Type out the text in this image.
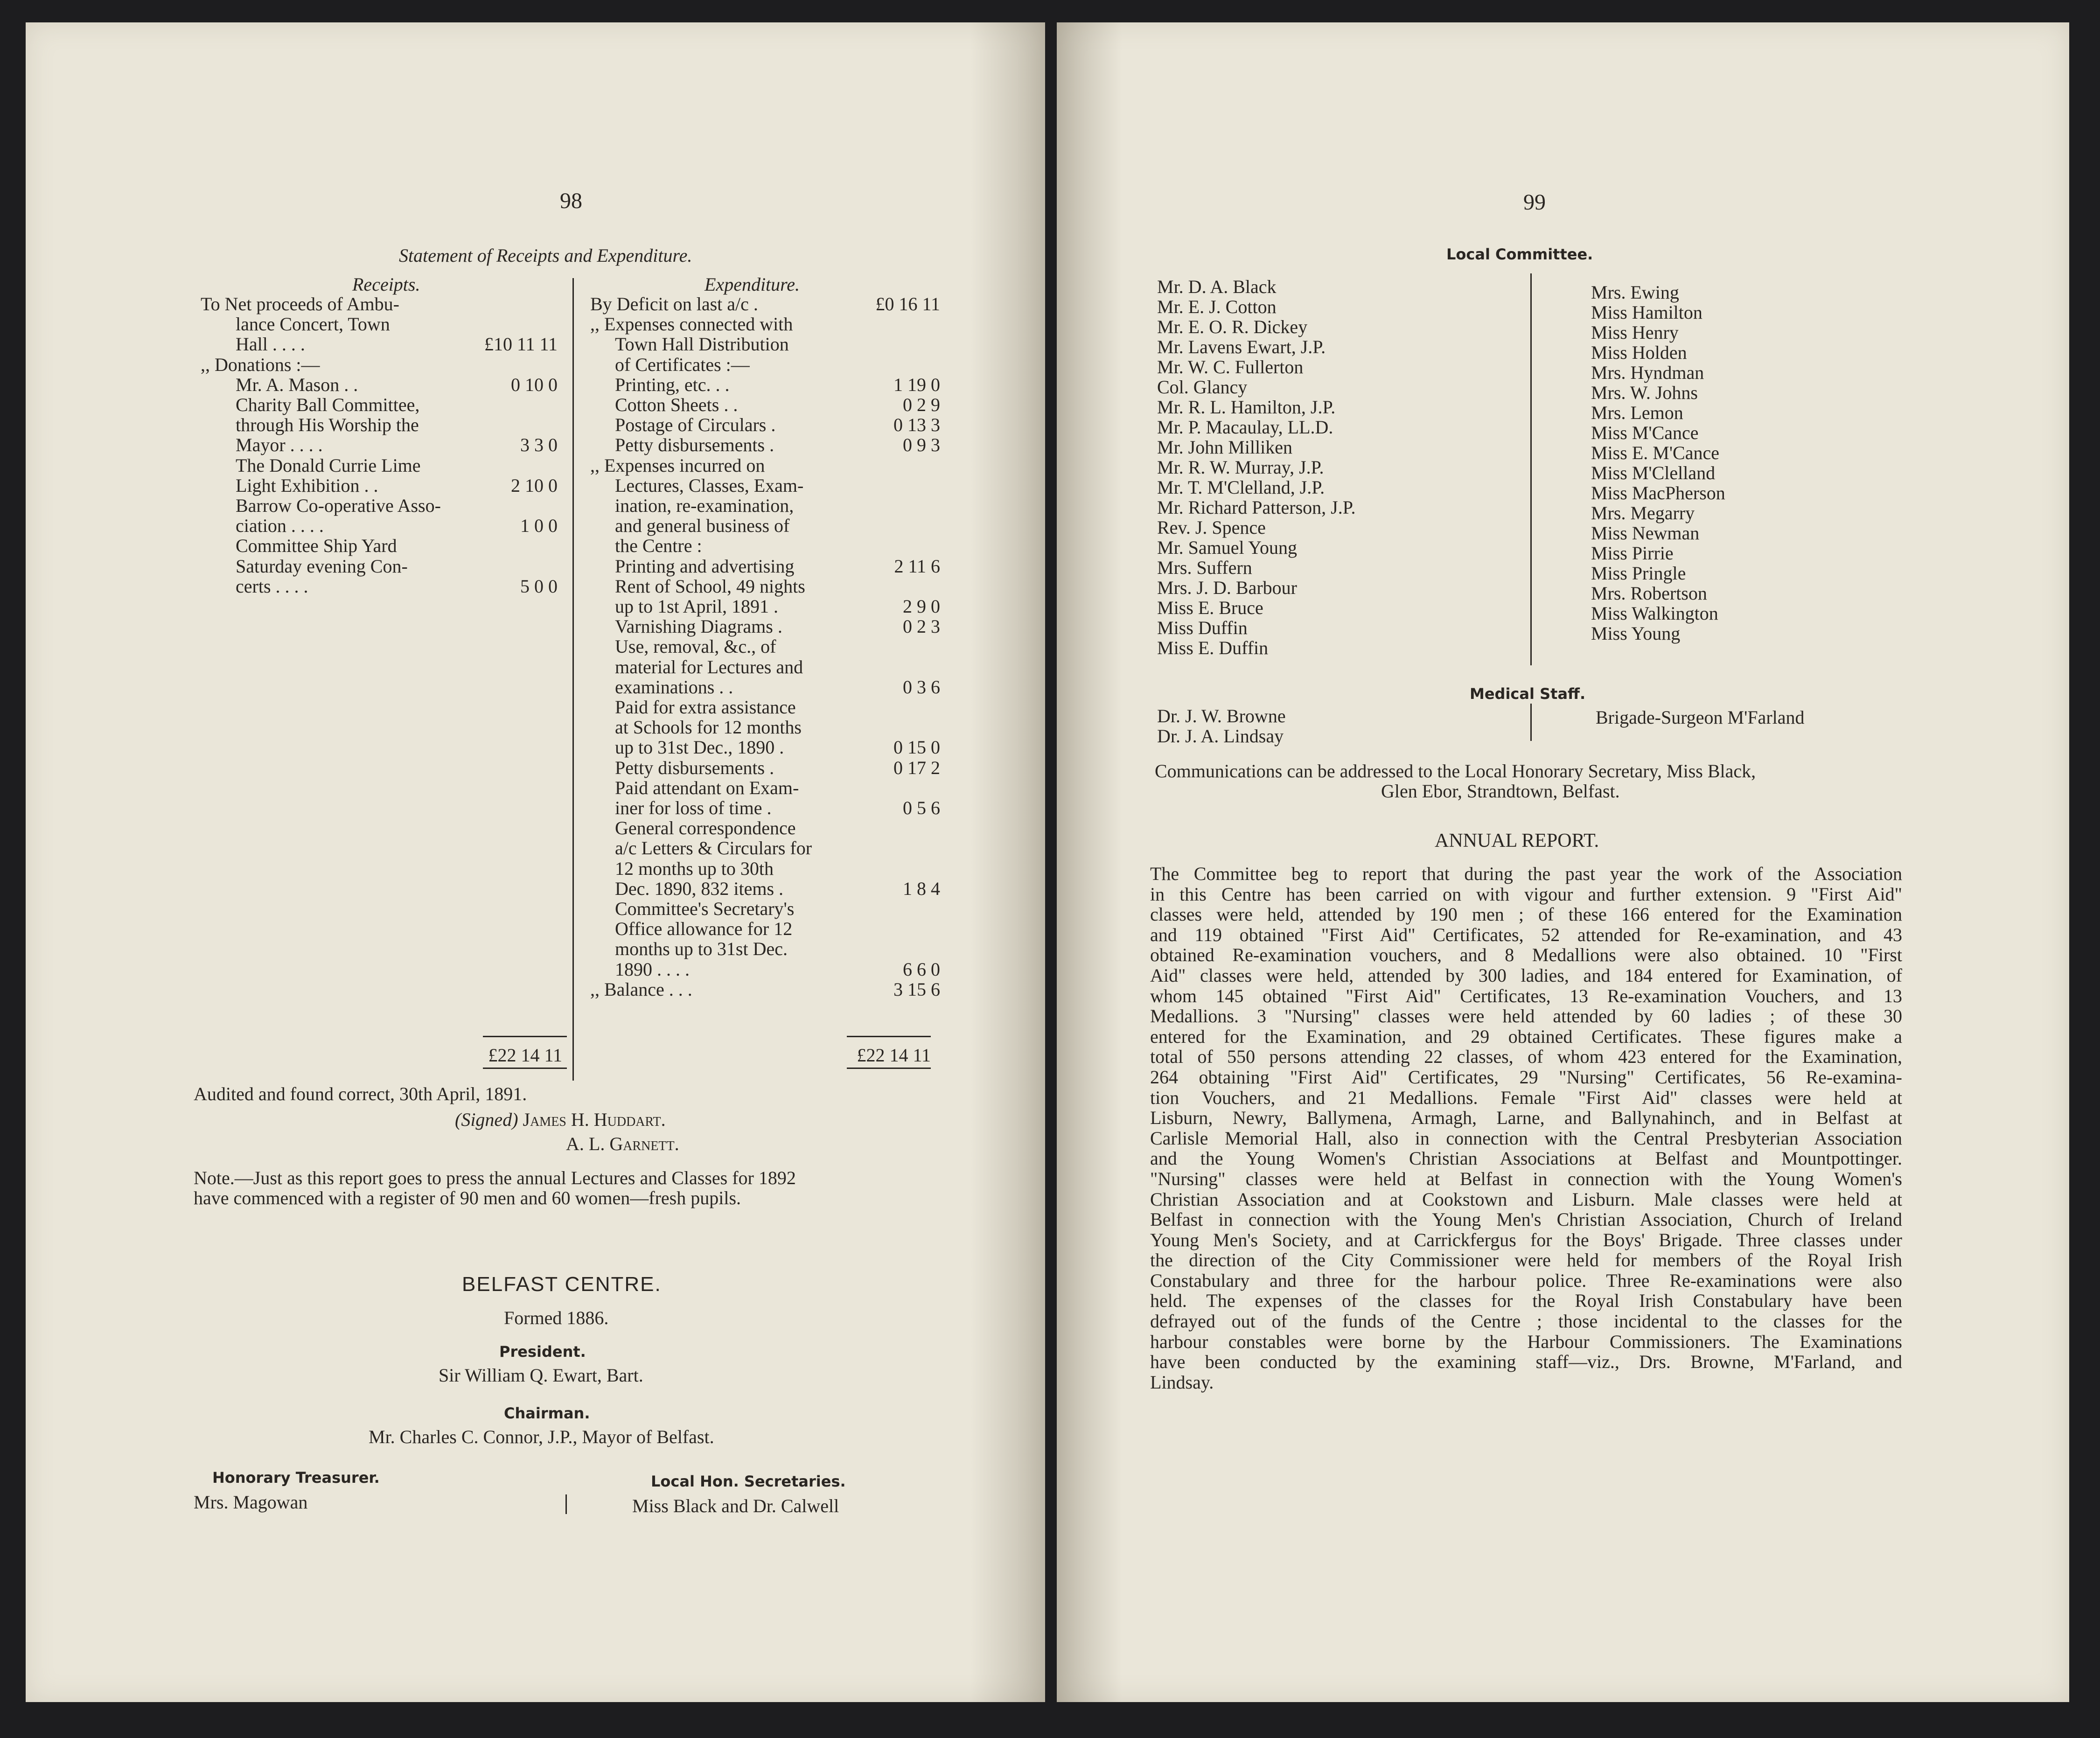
98
Statement of Receipts and Expenditure.
Receipts.	Expenditure.
To Net proceeds of Ambu-
lance Concert, Town
Hall . . . .	£10 11 11
,, Donations :—
Mr. A. Mason . .	0 10 0
Charity Ball Committee,
through His Worship the
Mayor . . . .	3 3 0
The Donald Currie Lime
Light Exhibition . .	2 10 0
Barrow Co-operative Asso-
ciation . . . .	1 0 0
Committee Ship Yard
Saturday evening Con-
certs . . . .	5 0 0
By Deficit on last a/c .	£0 16 11
,, Expenses connected with
Town Hall Distribution
of Certificates :—
Printing, etc. . .	1 19 0
Cotton Sheets . .	0 2 9
Postage of Circulars .	0 13 3
Petty disbursements .	0 9 3
,, Expenses incurred on
Lectures, Classes, Exam-
ination, re-examination,
and general business of
the Centre :
Printing and advertising	2 11 6
Rent of School, 49 nights
up to 1st April, 1891 .	2 9 0
Varnishing Diagrams .	0 2 3
Use, removal, &c., of
material for Lectures and
examinations . .	0 3 6
Paid for extra assistance
at Schools for 12 months
up to 31st Dec., 1890 .	0 15 0
Petty disbursements .	0 17 2
Paid attendant on Exam-
iner for loss of time .	0 5 6
General correspondence
a/c Letters & Circulars for
12 months up to 30th
Dec. 1890, 832 items .	1 8 4
Committee's Secretary's
Office allowance for 12
months up to 31st Dec.
1890 . . . .	6 6 0
,, Balance . . .	3 15 6
£22 14 11	£22 14 11
Audited and found correct, 30th April, 1891.
(Signed) James H. Huddart.
A. L. Garnett.
Note.—Just as this report goes to press the annual Lectures and Classes for 1892
have commenced with a register of 90 men and 60 women—fresh pupils.
BELFAST CENTRE.
Formed 1886.
President.
Sir William Q. Ewart, Bart.
Chairman.
Mr. Charles C. Connor, J.P., Mayor of Belfast.
Honorary Treasurer.
Mrs. Magowan
Local Hon. Secretaries.
Miss Black and Dr. Calwell
99
Local Committee.
Mr. D. A. Black
Mr. E. J. Cotton
Mr. E. O. R. Dickey
Mr. Lavens Ewart, J.P.
Mr. W. C. Fullerton
Col. Glancy
Mr. R. L. Hamilton, J.P.
Mr. P. Macaulay, LL.D.
Mr. John Milliken
Mr. R. W. Murray, J.P.
Mr. T. M'Clelland, J.P.
Mr. Richard Patterson, J.P.
Rev. J. Spence
Mr. Samuel Young
Mrs. Suffern
Mrs. J. D. Barbour
Miss E. Bruce
Miss Duffin
Miss E. Duffin
Mrs. Ewing
Miss Hamilton
Miss Henry
Miss Holden
Mrs. Hyndman
Mrs. W. Johns
Mrs. Lemon
Miss M'Cance
Miss E. M'Cance
Miss M'Clelland
Miss MacPherson
Mrs. Megarry
Miss Newman
Miss Pirrie
Miss Pringle
Mrs. Robertson
Miss Walkington
Miss Young
Medical Staff.
Dr. J. W. Browne
Dr. J. A. Lindsay
Brigade-Surgeon M'Farland
Communications can be addressed to the Local Honorary Secretary, Miss Black,
Glen Ebor, Strandtown, Belfast.
ANNUAL REPORT.
The Committee beg to report that during the past year the work of the Association
in this Centre has been carried on with vigour and further extension. 9 "First Aid"
classes were held, attended by 190 men ; of these 166 entered for the Examination
and 119 obtained "First Aid" Certificates, 52 attended for Re-examination, and 43
obtained Re-examination vouchers, and 8 Medallions were also obtained. 10 "First
Aid" classes were held, attended by 300 ladies, and 184 entered for Examination, of
whom 145 obtained "First Aid" Certificates, 13 Re-examination Vouchers, and 13
Medallions. 3 "Nursing" classes were held attended by 60 ladies ; of these 30
entered for the Examination, and 29 obtained Certificates. These figures make a
total of 550 persons attending 22 classes, of whom 423 entered for the Examination,
264 obtaining "First Aid" Certificates, 29 "Nursing" Certificates, 56 Re-examina-
tion Vouchers, and 21 Medallions. Female "First Aid" classes were held at
Lisburn, Newry, Ballymena, Armagh, Larne, and Ballynahinch, and in Belfast at
Carlisle Memorial Hall, also in connection with the Central Presbyterian Association
and the Young Women's Christian Associations at Belfast and Mountpottinger.
"Nursing" classes were held at Belfast in connection with the Young Women's
Christian Association and at Cookstown and Lisburn. Male classes were held at
Belfast in connection with the Young Men's Christian Association, Church of Ireland
Young Men's Society, and at Carrickfergus for the Boys' Brigade. Three classes under
the direction of the City Commissioner were held for members of the Royal Irish
Constabulary and three for the harbour police. Three Re-examinations were also
held. The expenses of the classes for the Royal Irish Constabulary have been
defrayed out of the funds of the Centre ; those incidental to the classes for the
harbour constables were borne by the Harbour Commissioners. The Examinations
have been conducted by the examining staff—viz., Drs. Browne, M'Farland, and
Lindsay.
